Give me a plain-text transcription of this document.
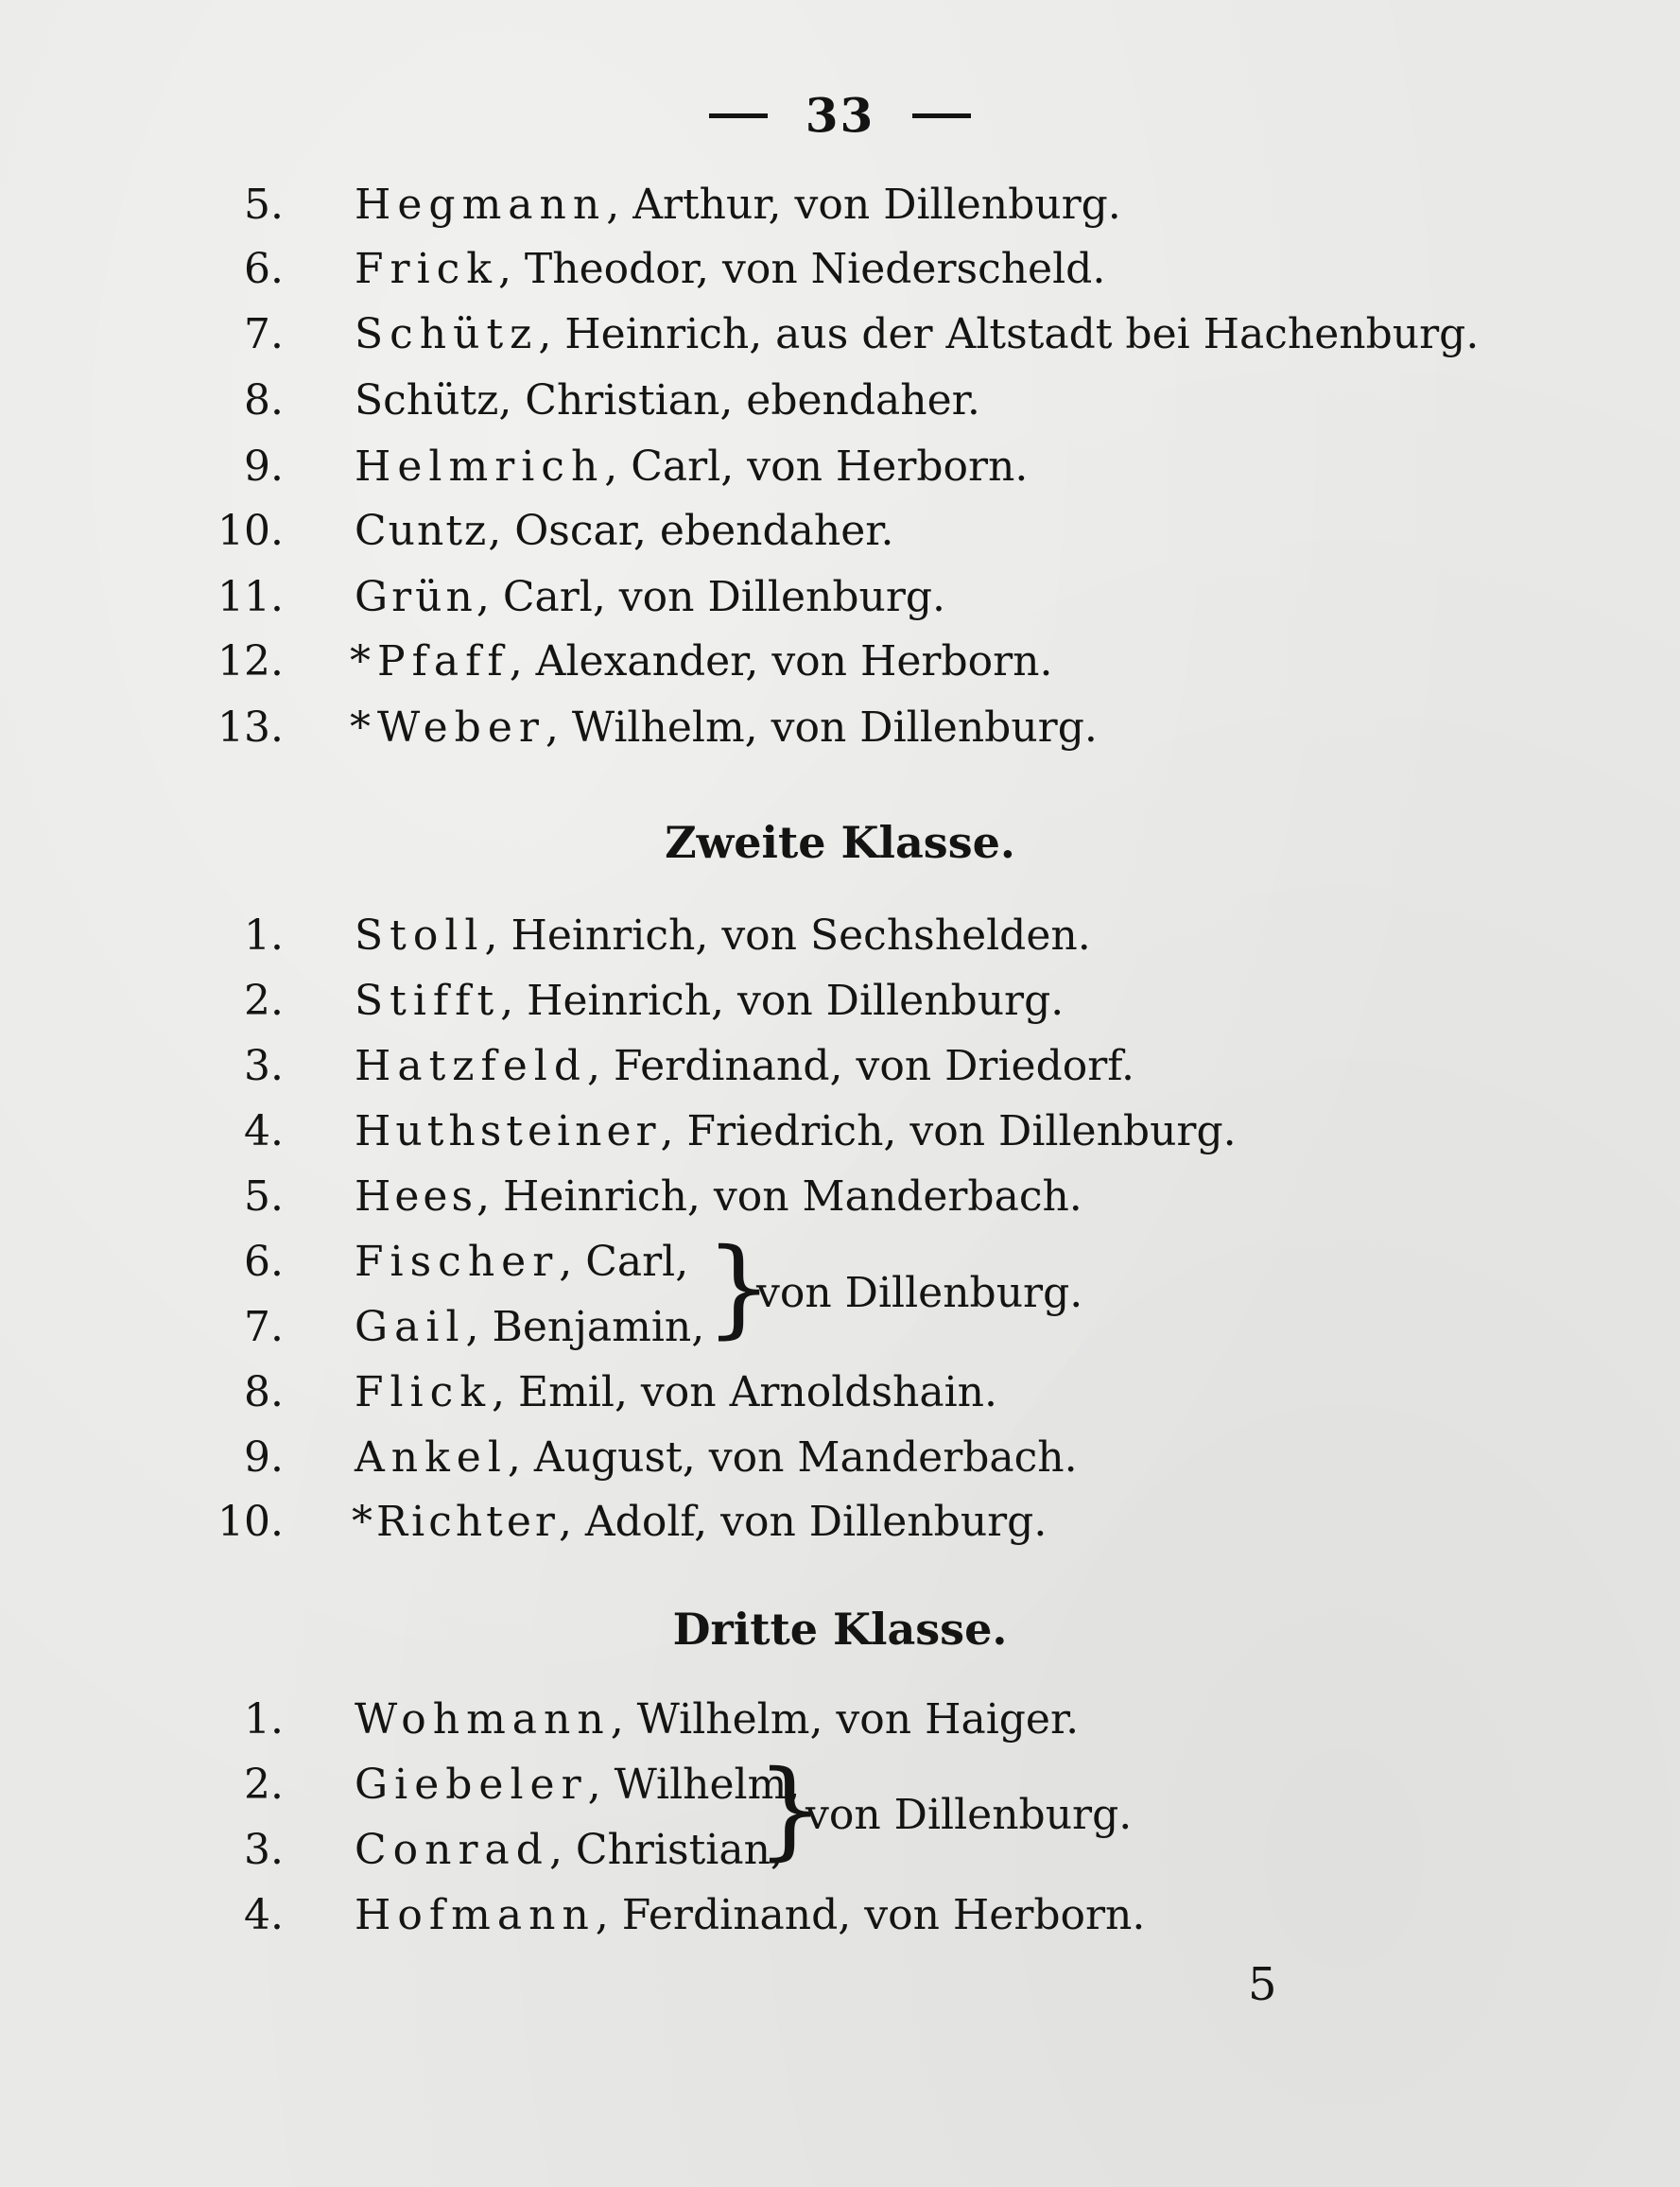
33
5. Hegmann, Arthur, von Dillenburg.
6. Frick, Theodor, von Niederscheld.
7. Schütz, Heinrich, aus der Altstadt bei Hachenburg.
8. Schütz, Christian, ebendaher.
9. Helmrich, Carl, von Herborn.
10. Cuntz, Oscar, ebendaher.
11. Grün, Carl, von Dillenburg.
12. *Pfaff, Alexander, von Herborn.
13. *Weber, Wilhelm, von Dillenburg.
Zweite Klasse.
1. Stoll, Heinrich, von Sechshelden.
2. Stifft, Heinrich, von Dillenburg.
3. Hatzfeld, Ferdinand, von Driedorf.
4. Huthsteiner, Friedrich, von Dillenburg.
5. Hees, Heinrich, von Manderbach.
6. Fischer, Carl,
7. Gail, Benjamin, }
von Dillenburg.
8. Flick, Emil, von Arnoldshain.
9. Ankel, August, von Manderbach.
10. *Richter, Adolf, von Dillenburg.
Dritte Klasse.
1. Wohmann, Wilhelm, von Haiger.
2. Giebeler, Wilhelm,
3. Conrad, Christian,
}
von Dillenburg.
4. Hofmann, Ferdinand, von Herborn.
5
